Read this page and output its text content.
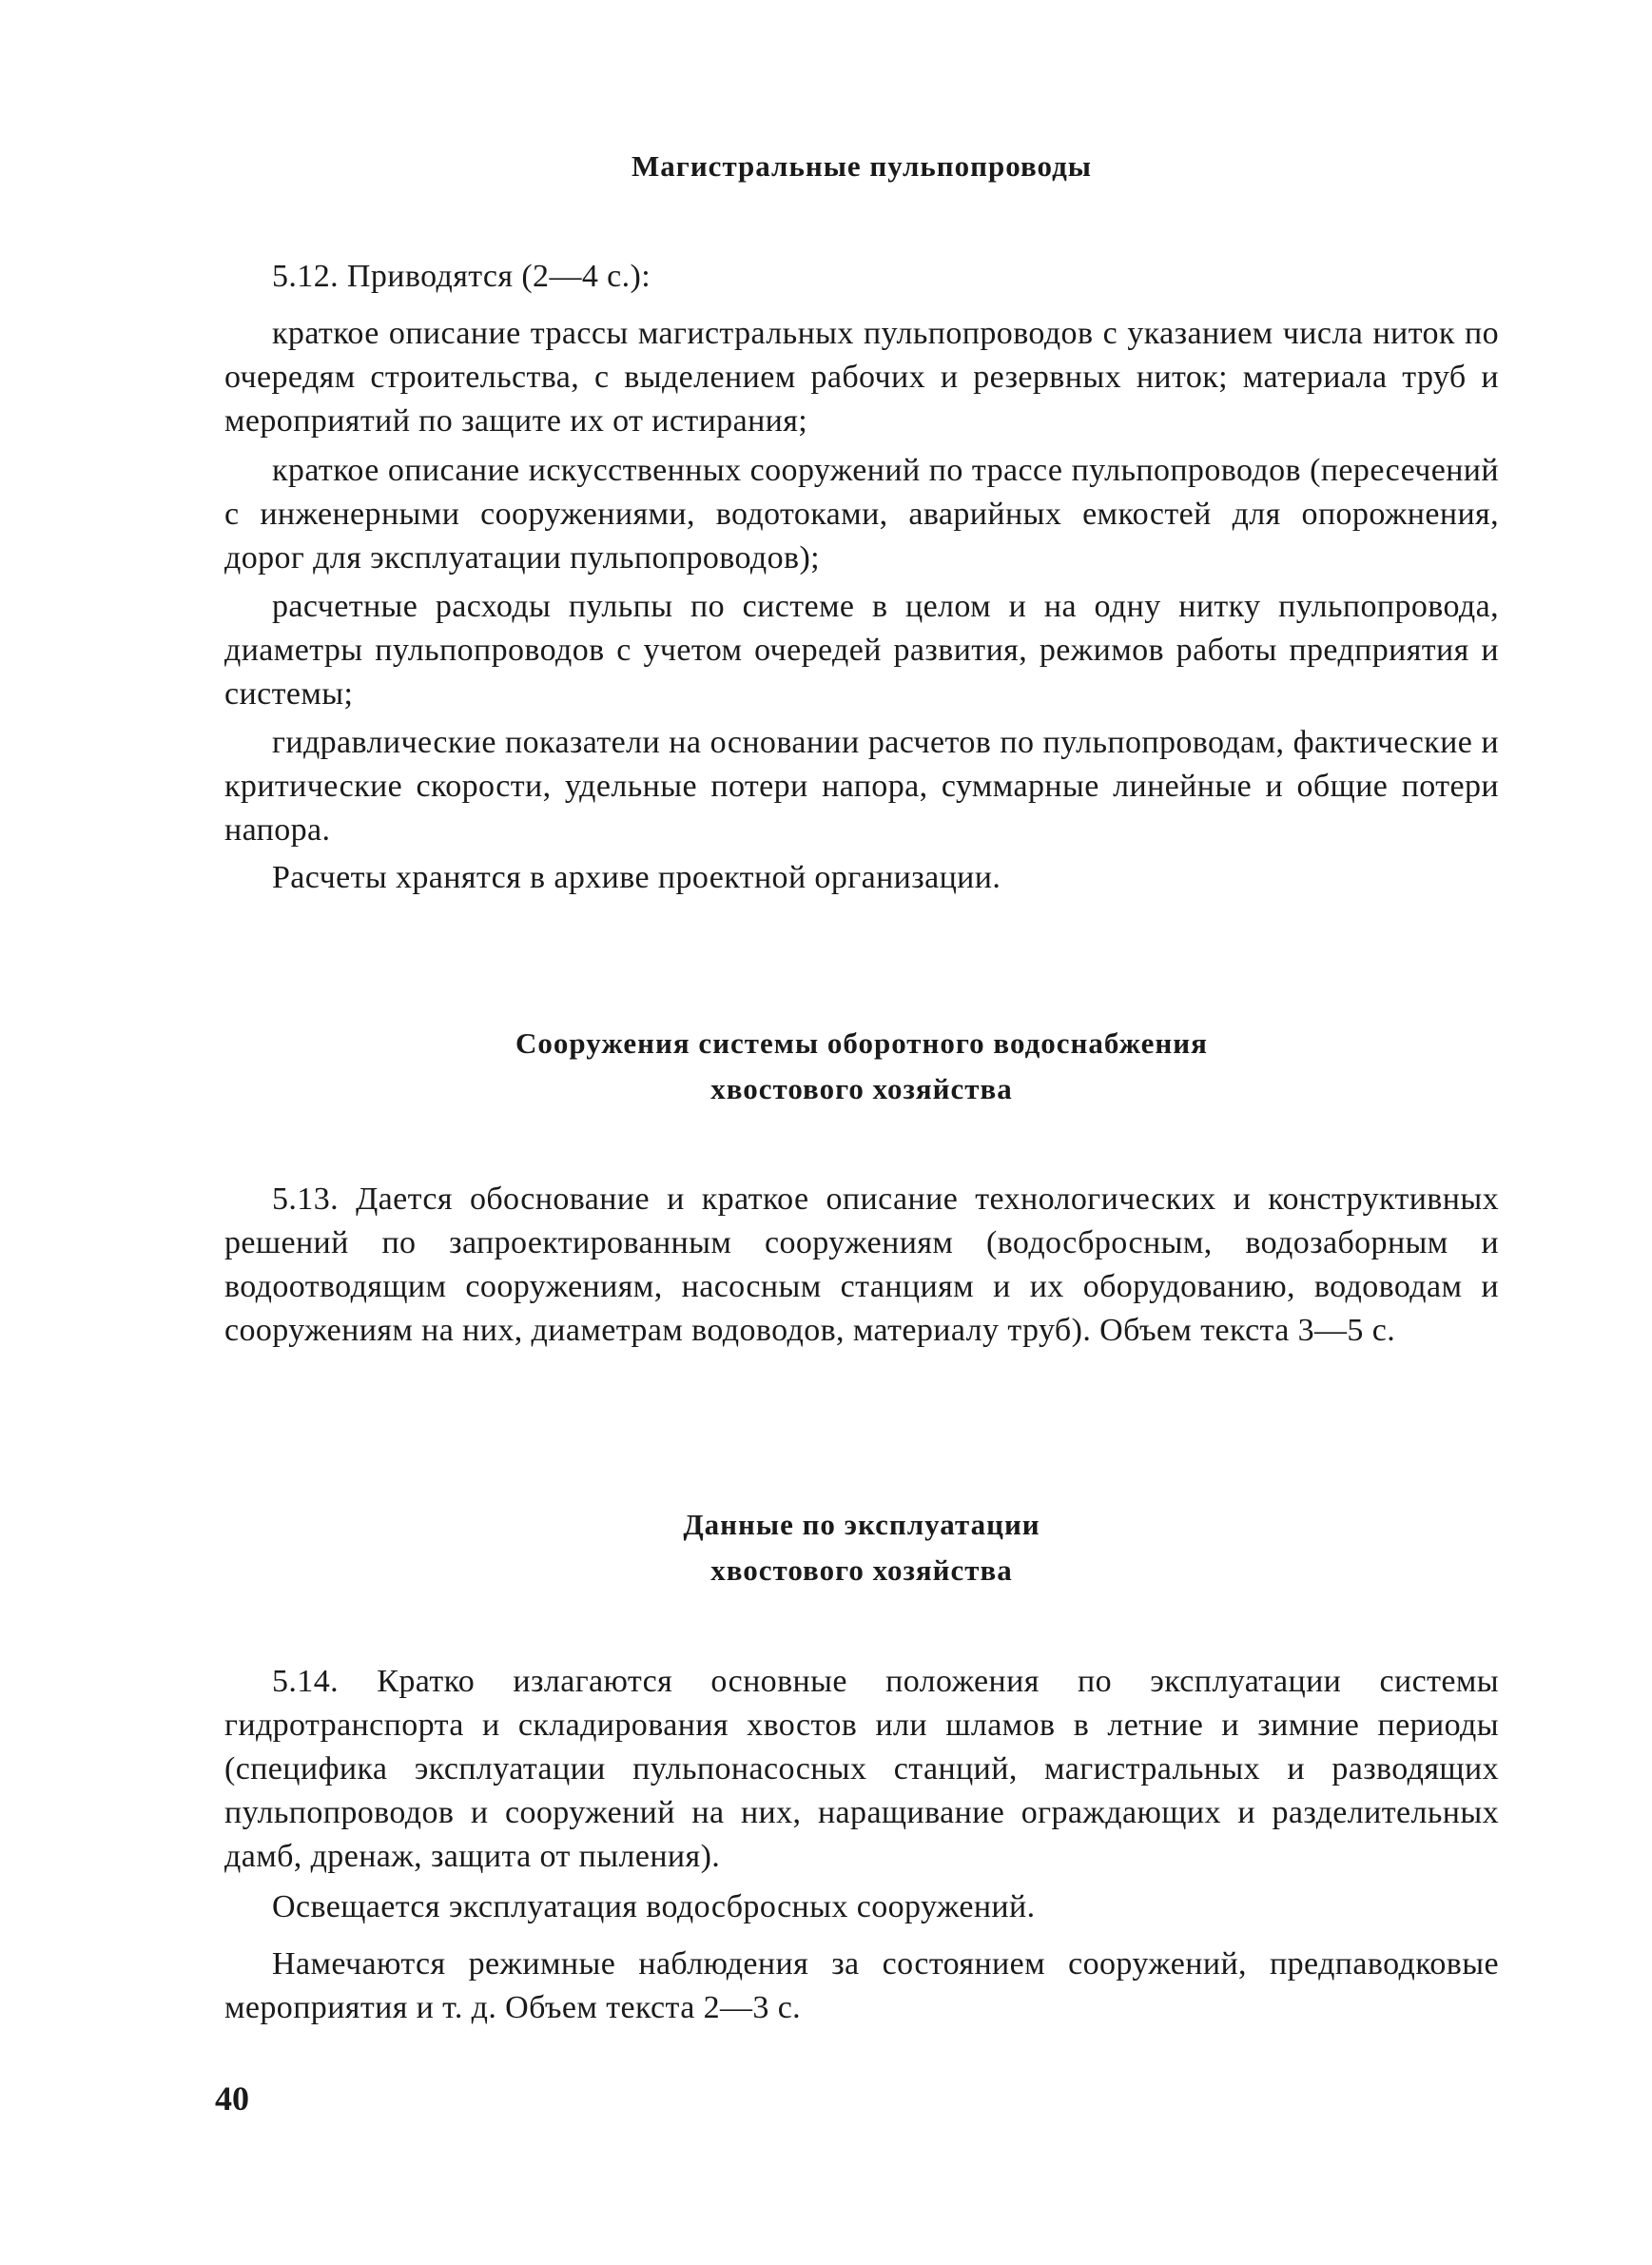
Магистральные пульпопроводы

5.12. Приводятся (2—4 с.):

краткое описание трассы магистральных пульпопроводов с указанием числа ниток по очередям строительства, с выделением рабочих и резервных ниток; материала труб и мероприятий по защите их от истирания;

краткое описание искусственных сооружений по трассе пульпопроводов (пересечений с инженерными сооружениями, водотоками, аварийных емкостей для опорожнения, дорог для эксплуатации пульпопроводов);

расчетные расходы пульпы по системе в целом и на одну нитку пульпопровода, диаметры пульпопроводов с учетом очередей развития, режимов работы предприятия и системы;

гидравлические показатели на основании расчетов по пульпопроводам, фактические и критические скорости, удельные потери напора, суммарные линейные и общие потери напора.

Расчеты хранятся в архиве проектной организации.

Сооружения системы оборотного водоснабжения
хвостового хозяйства

5.13. Дается обоснование и краткое описание технологических и конструктивных решений по запроектированным сооружениям (водосбросным, водозаборным и водоотводящим сооружениям, насосным станциям и их оборудованию, водоводам и сооружениям на них, диаметрам водоводов, материалу труб). Объем текста 3—5 с.

Данные по эксплуатации
хвостового хозяйства

5.14. Кратко излагаются основные положения по эксплуатации системы гидротранспорта и складирования хвостов или шламов в летние и зимние периоды (специфика эксплуатации пульпонасосных станций, магистральных и разводящих пульпопроводов и сооружений на них, наращивание ограждающих и разделительных дамб, дренаж, защита от пыления).

Освещается эксплуатация водосбросных сооружений.

Намечаются режимные наблюдения за состоянием сооружений, предпаводковые мероприятия и т. д. Объем текста 2—3 с.

40
